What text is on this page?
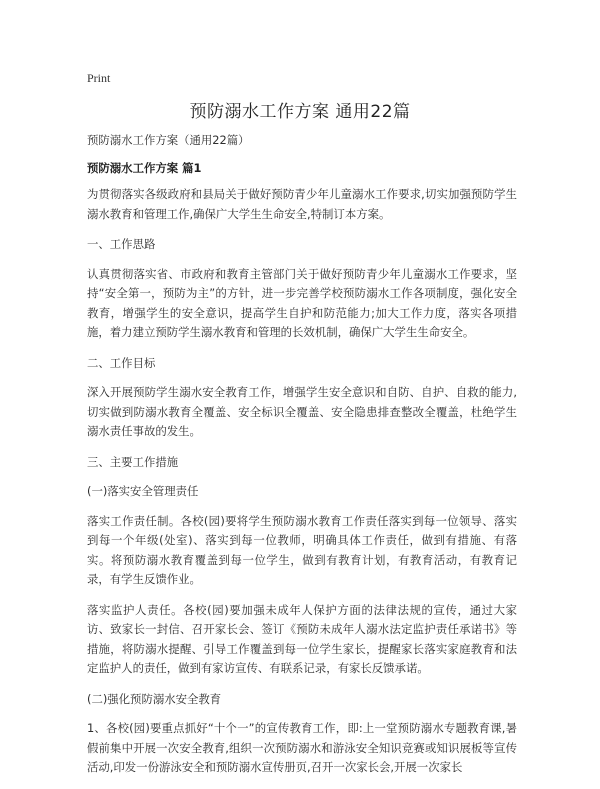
Print
预防溺水工作方案 通用22篇

预防溺水工作方案（通用22篇）

预防溺水工作方案 篇1

为贯彻落实各级政府和县局关于做好预防青少年儿童溺水工作要求,切实加强预防学生溺水教育和管理工作,确保广大学生生命安全,特制订本方案。

一、工作思路

认真贯彻落实省、市政府和教育主管部门关于做好预防青少年儿童溺水工作要求，坚持“安全第一，预防为主”的方针，进一步完善学校预防溺水工作各项制度，强化安全教育，增强学生的安全意识，提高学生自护和防范能力;加大工作力度，落实各项措施，着力建立预防学生溺水教育和管理的长效机制，确保广大学生生命安全。

二、工作目标

深入开展预防学生溺水安全教育工作，增强学生安全意识和自防、自护、自救的能力,切实做到防溺水教育全覆盖、安全标识全覆盖、安全隐患排查整改全覆盖，杜绝学生溺水责任事故的发生。

三、主要工作措施

(一)落实安全管理责任

落实工作责任制。各校(园)要将学生预防溺水教育工作责任落实到每一位领导、落实到每一个年级(处室)、落实到每一位教师，明确具体工作责任，做到有措施、有落实。将预防溺水教育覆盖到每一位学生，做到有教育计划，有教育活动，有教育记录，有学生反馈作业。

落实监护人责任。各校(园)要加强未成年人保护方面的法律法规的宣传，通过大家访、致家长一封信、召开家长会、签订《预防未成年人溺水法定监护责任承诺书》等措施，将防溺水提醒、引导工作覆盖到每一位学生家长，提醒家长落实家庭教育和法定监护人的责任，做到有家访宣传、有联系记录，有家长反馈承诺。

(二)强化预防溺水安全教育

1、各校(园)要重点抓好“十个一”的宣传教育工作，即:上一堂预防溺水专题教育课,暑假前集中开展一次安全教育,组织一次预防溺水和游泳安全知识竞赛或知识展板等宣传活动,印发一份游泳安全和预防溺水宣传册页,召开一次家长会,开展一次家长
